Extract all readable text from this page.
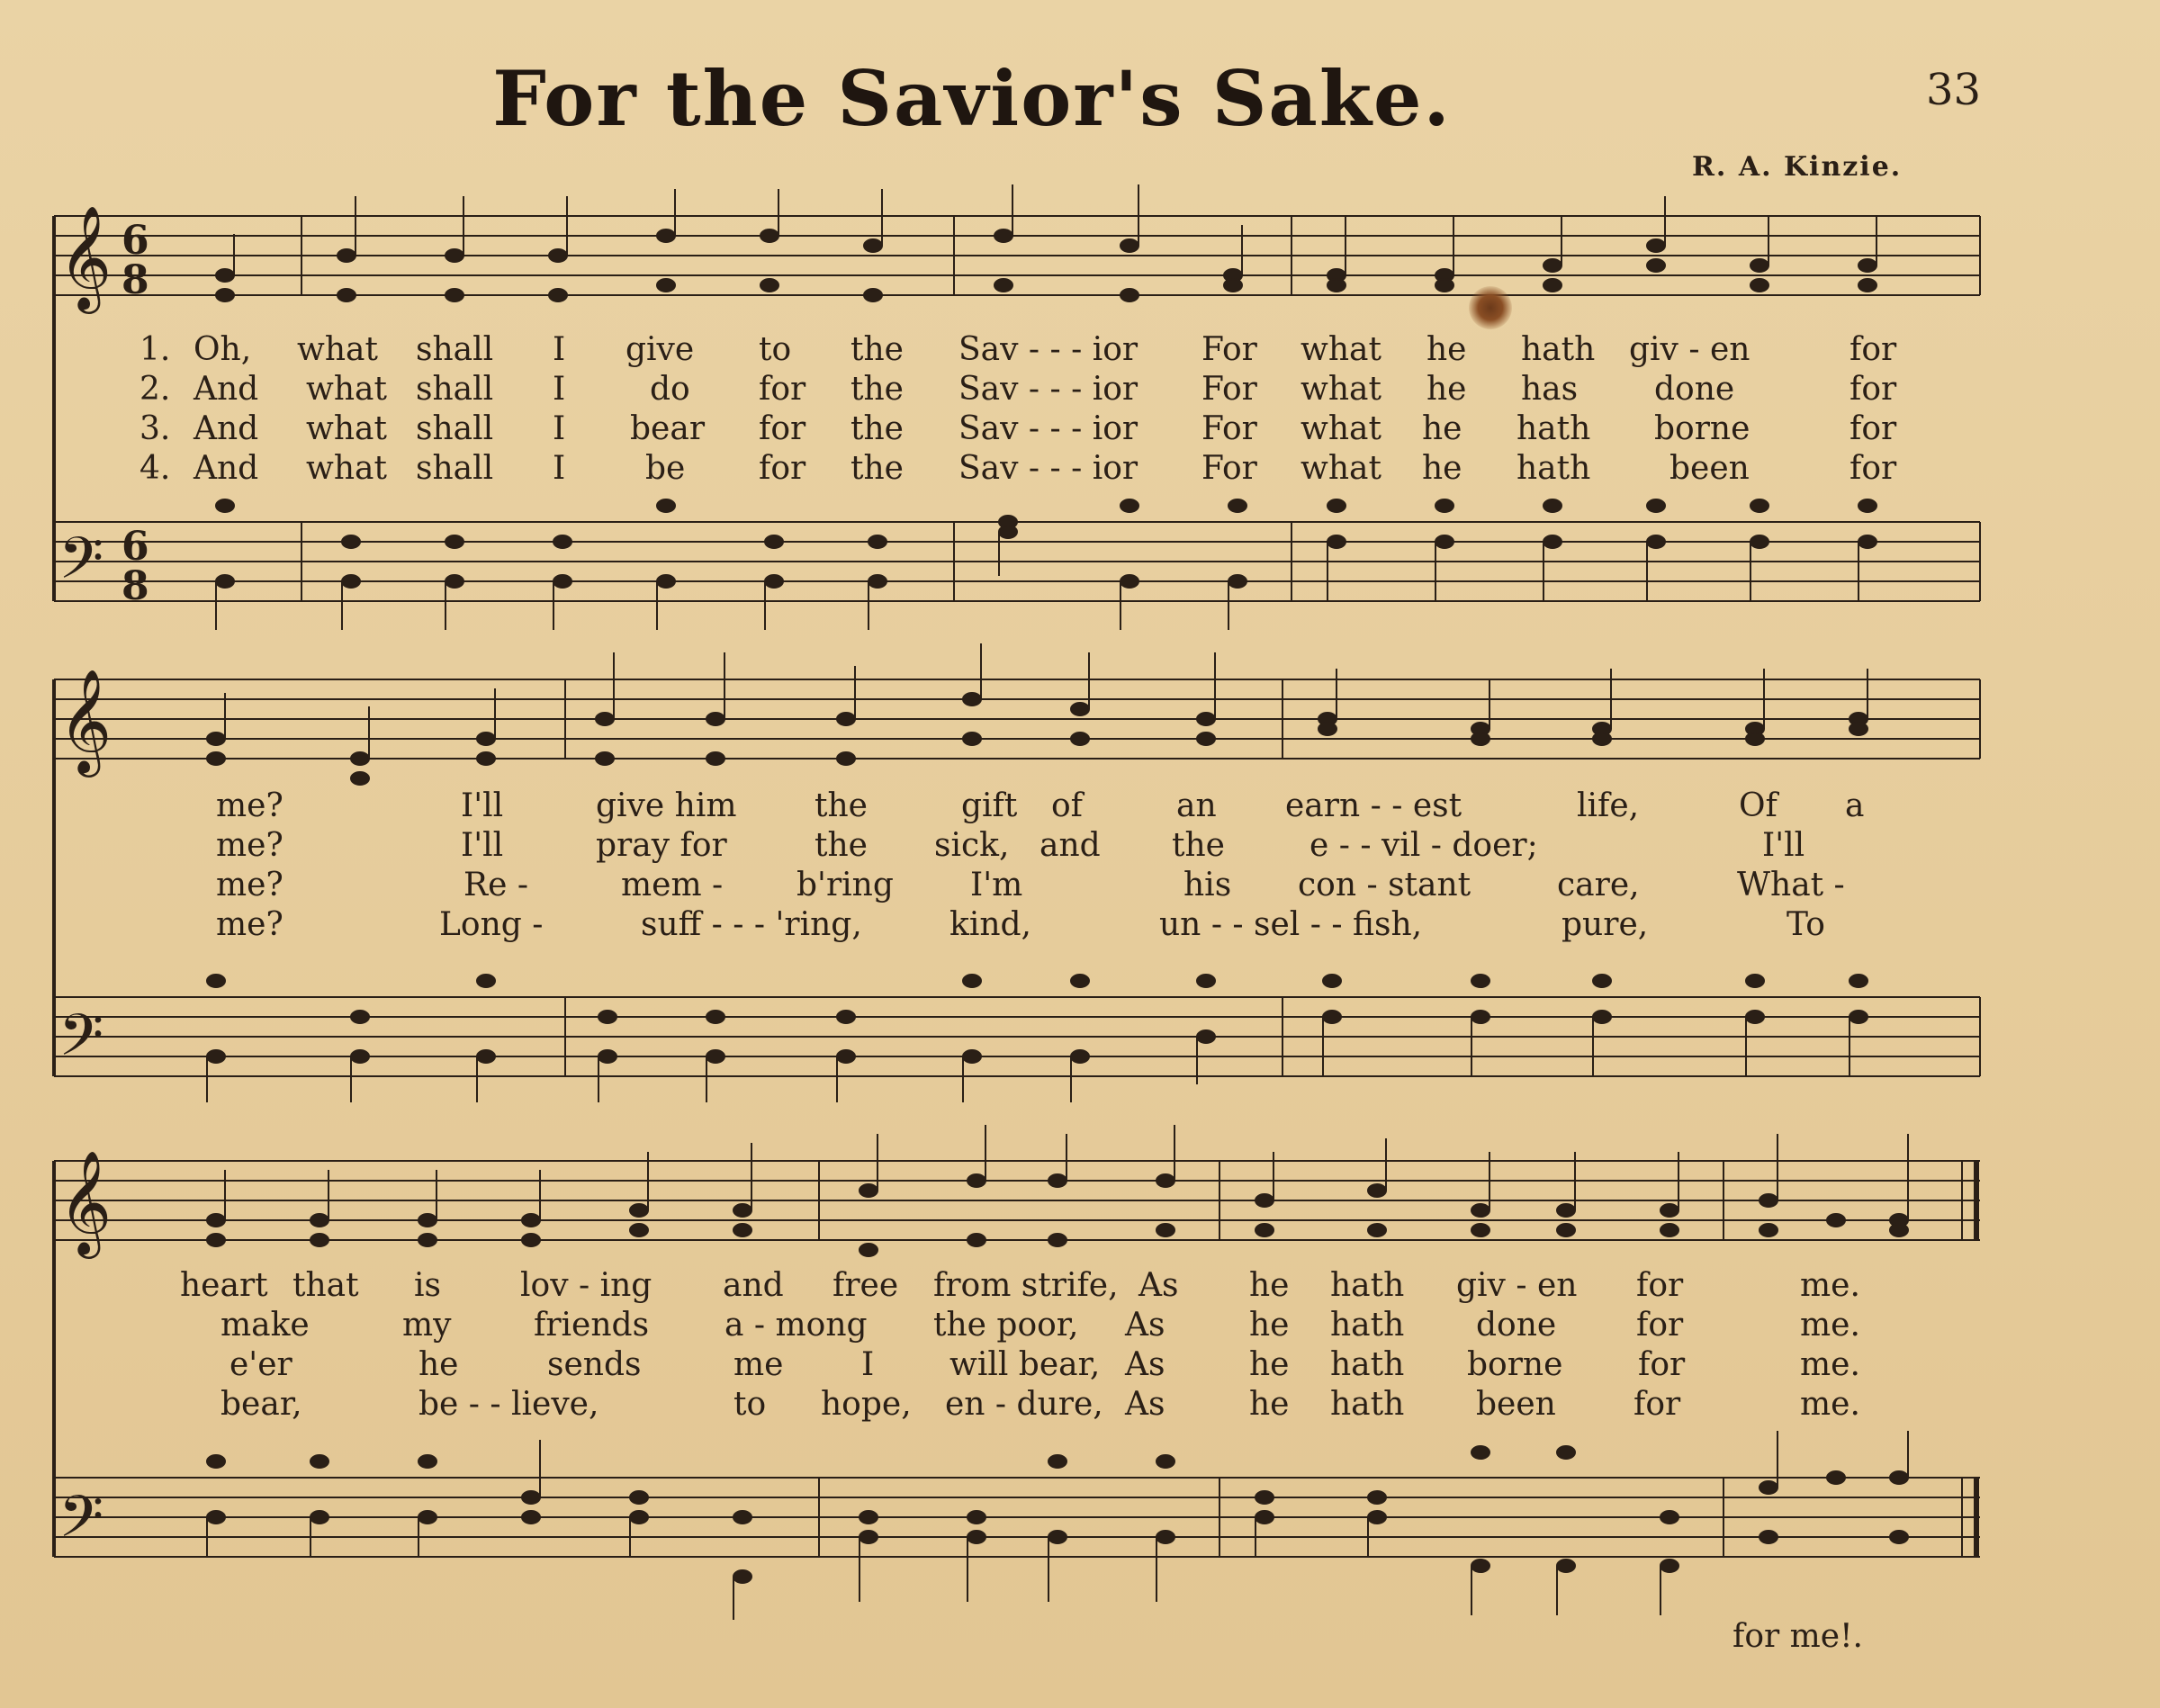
For the Savior's Sake.	33
R. A. Kinzie.
𝄞
𝄢
6
8
6
8
1. Oh, what shall I give to the Sav - - - ior For what he hath giv - en	for
2. And what shall I	do for the Sav - - - ior For what he has done	for
3. And what shall I bear for the Sav - - - ior For what he hath borne	for
4. And what shall I be for the Sav - - - ior For what he hath been	for
𝄞
𝄢
me?	I'll	give him the	gift of	an earn - - est	life,	Of a
me?	I'll	pray for	the sick, and the	e - - vil - doer;	I'll
me?	Re -	mem - b'ring I'm	his con - stant	care,	What -
me?	Long -	suff - - - 'ring,	kind,	un - - sel - - fish,	pure,	To
𝄞
𝄢
heart that is lov - ing and free from strife, As he hath giv - en for	me.
make	my	friends a - mong the poor, As	he hath done for	me.
e'er	he	sends	me I will bear, As	he hath borne for	me.
bear,	be - - lieve,	to hope, en - dure, As	he hath been for	me.
for me!.
